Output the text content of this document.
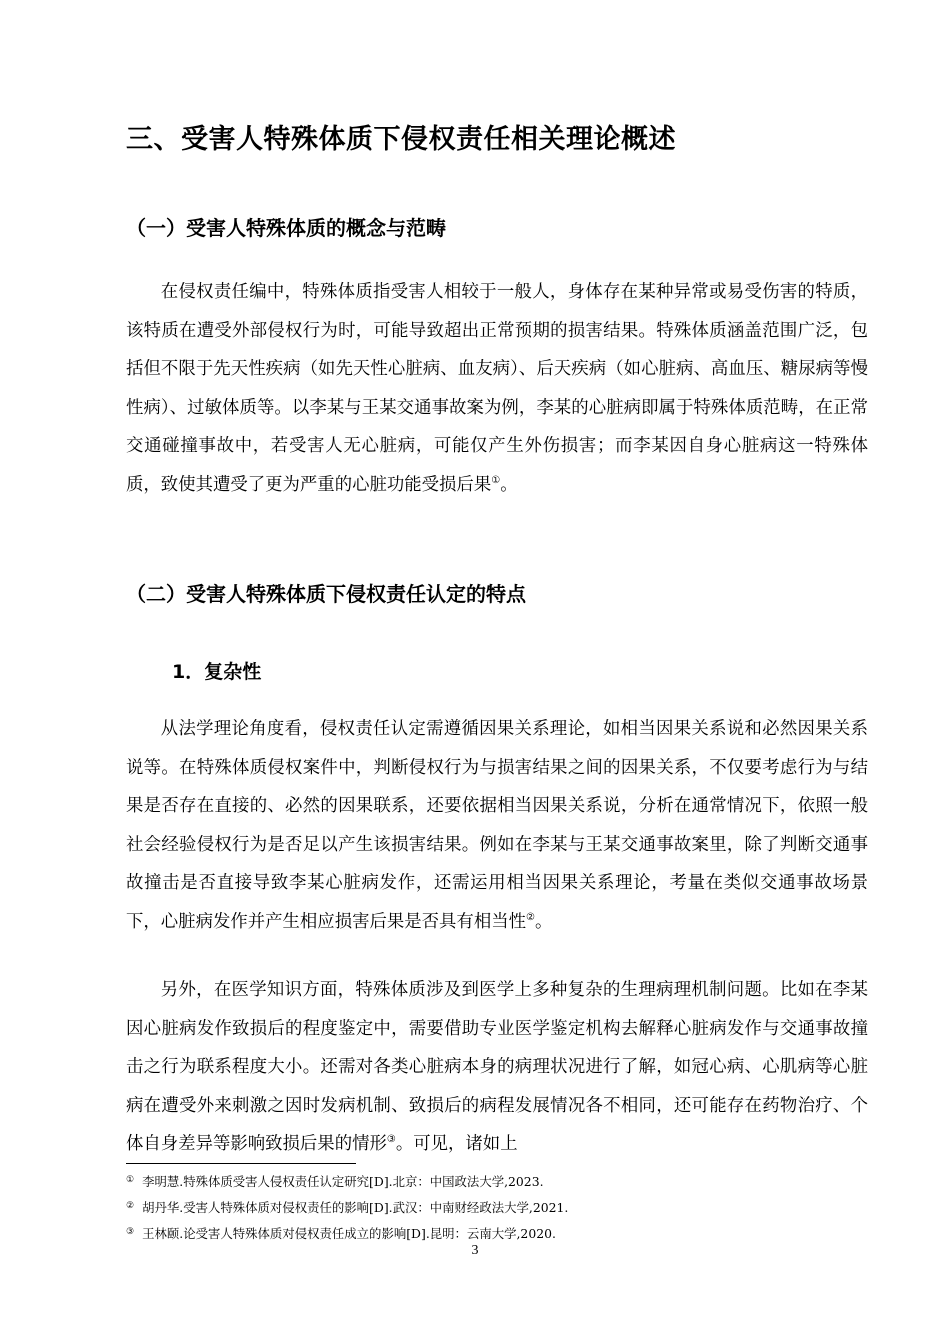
三、受害人特殊体质下侵权责任相关理论概述
（一）受害人特殊体质的概念与范畴

在侵权责任编中，特殊体质指受害人相较于一般人，身体存在某种异常或易受伤害的特质，该特质在遭受外部侵权行为时，可能导致超出正常预期的损害结果。特殊体质涵盖范围广泛，包括但不限于先天性疾病（如先天性心脏病、血友病）、后天疾病（如心脏病、高血压、糖尿病等慢性病）、过敏体质等。以李某与王某交通事故案为例，李某的心脏病即属于特殊体质范畴，在正常交通碰撞事故中，若受害人无心脏病，可能仅产生外伤损害；而李某因自身心脏病这一特殊体质，致使其遭受了更为严重的心脏功能受损后果①。

（二）受害人特殊体质下侵权责任认定的特点
1．复杂性

从法学理论角度看，侵权责任认定需遵循因果关系理论，如相当因果关系说和必然因果关系说等。在特殊体质侵权案件中，判断侵权行为与损害结果之间的因果关系，不仅要考虑行为与结果是否存在直接的、必然的因果联系，还要依据相当因果关系说，分析在通常情况下，依照一般社会经验侵权行为是否足以产生该损害结果。例如在李某与王某交通事故案里，除了判断交通事故撞击是否直接导致李某心脏病发作，还需运用相当因果关系理论，考量在类似交通事故场景下，心脏病发作并产生相应损害后果是否具有相当性②。

另外，在医学知识方面，特殊体质涉及到医学上多种复杂的生理病理机制问题。比如在李某因心脏病发作致损后的程度鉴定中，需要借助专业医学鉴定机构去解释心脏病发作与交通事故撞击之行为联系程度大小。还需对各类心脏病本身的病理状况进行了解，如冠心病、心肌病等心脏病在遭受外来刺激之因时发病机制、致损后的病程发展情况各不相同，还可能存在药物治疗、个体自身差异等影响致损后果的情形③。可见，诸如上

① 李明慧.特殊体质受害人侵权责任认定研究[D].北京：中国政法大学,2023.

② 胡丹华.受害人特殊体质对侵权责任的影响[D].武汉：中南财经政法大学,2021.

③ 王林颐.论受害人特殊体质对侵权责任成立的影响[D].昆明：云南大学,2020.

3
